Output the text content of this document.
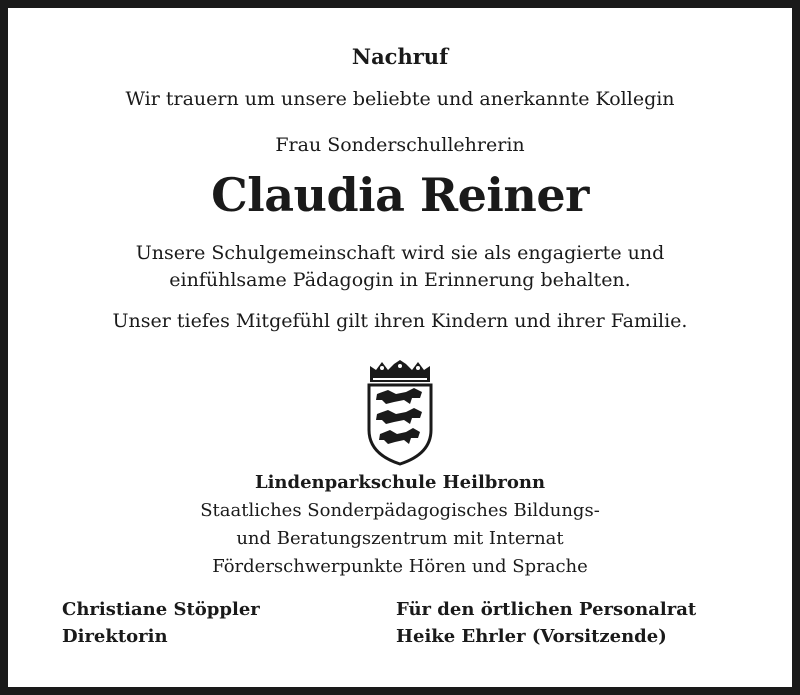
Nachruf
Wir trauern um unsere beliebte und anerkannte Kollegin
Frau Sonderschullehrerin
Claudia Reiner
Unsere Schulgemeinschaft wird sie als engagierte und
einfühlsame Pädagogin in Erinnerung behalten.
Unser tiefes Mitgefühl gilt ihren Kindern und ihrer Familie.
Lindenparkschule Heilbronn
Staatliches Sonderpädagogisches Bildungs-
und Beratungszentrum mit Internat
Förderschwerpunkte Hören und Sprache
Christiane Stöppler
Direktorin
Für den örtlichen Personalrat
Heike Ehrler (Vorsitzende)
